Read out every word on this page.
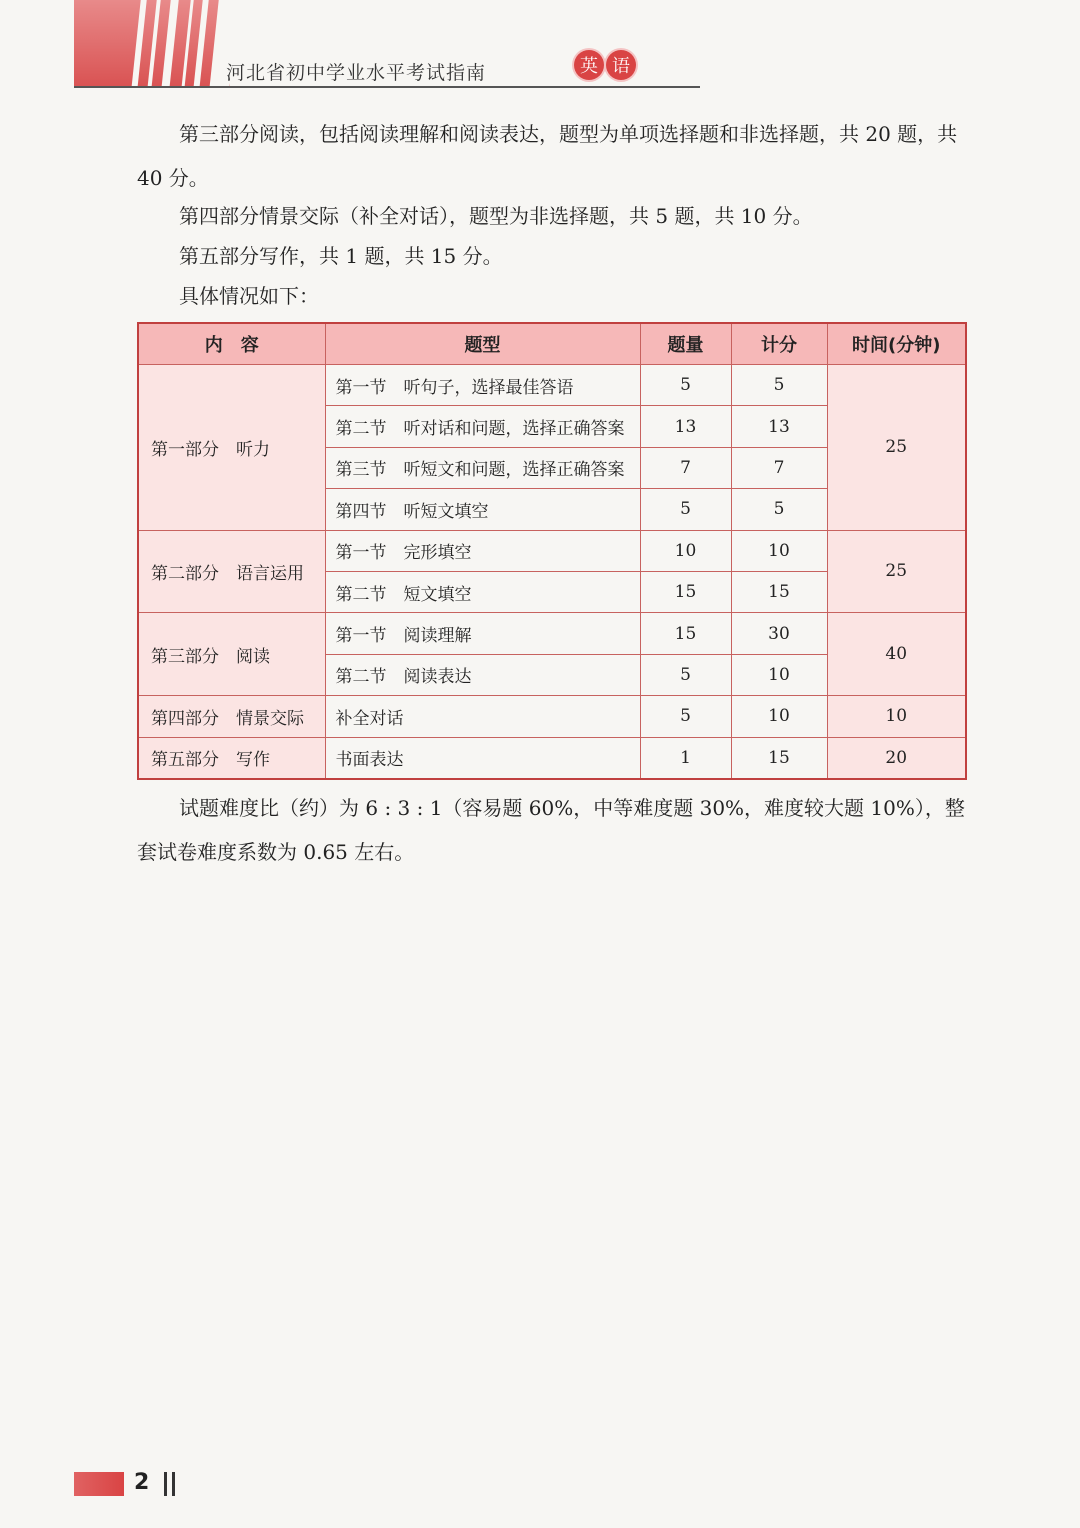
河北省初中学业水平考试指南	英 语
第三部分阅读，包括阅读理解和阅读表达，题型为单项选择题和非选择题，共 20 题，共 40 分。
第四部分情景交际（补全对话），题型为非选择题，共 5 题，共 10 分。
第五部分写作，共 1 题，共 15 分。
具体情况如下：
内　容	题型	题量	计分	时间(分钟)
第一部分　听力	第一节　听句子，选择最佳答语	5	5	25
	第二节　听对话和问题，选择正确答案	13	13	
	第三节　听短文和问题，选择正确答案	7	7	
	第四节　听短文填空	5	5	
第二部分　语言运用	第一节　完形填空	10	10	25
	第二节　短文填空	15	15	
第三部分　阅读	第一节　阅读理解	15	30	40
	第二节　阅读表达	5	10	
第四部分　情景交际	补全对话	5	10	10
第五部分　写作	书面表达	1	15	20
试题难度比（约）为 6 : 3 : 1（容易题 60%，中等难度题 30%，难度较大题 10%），整套试卷难度系数为 0.65 左右。
2
